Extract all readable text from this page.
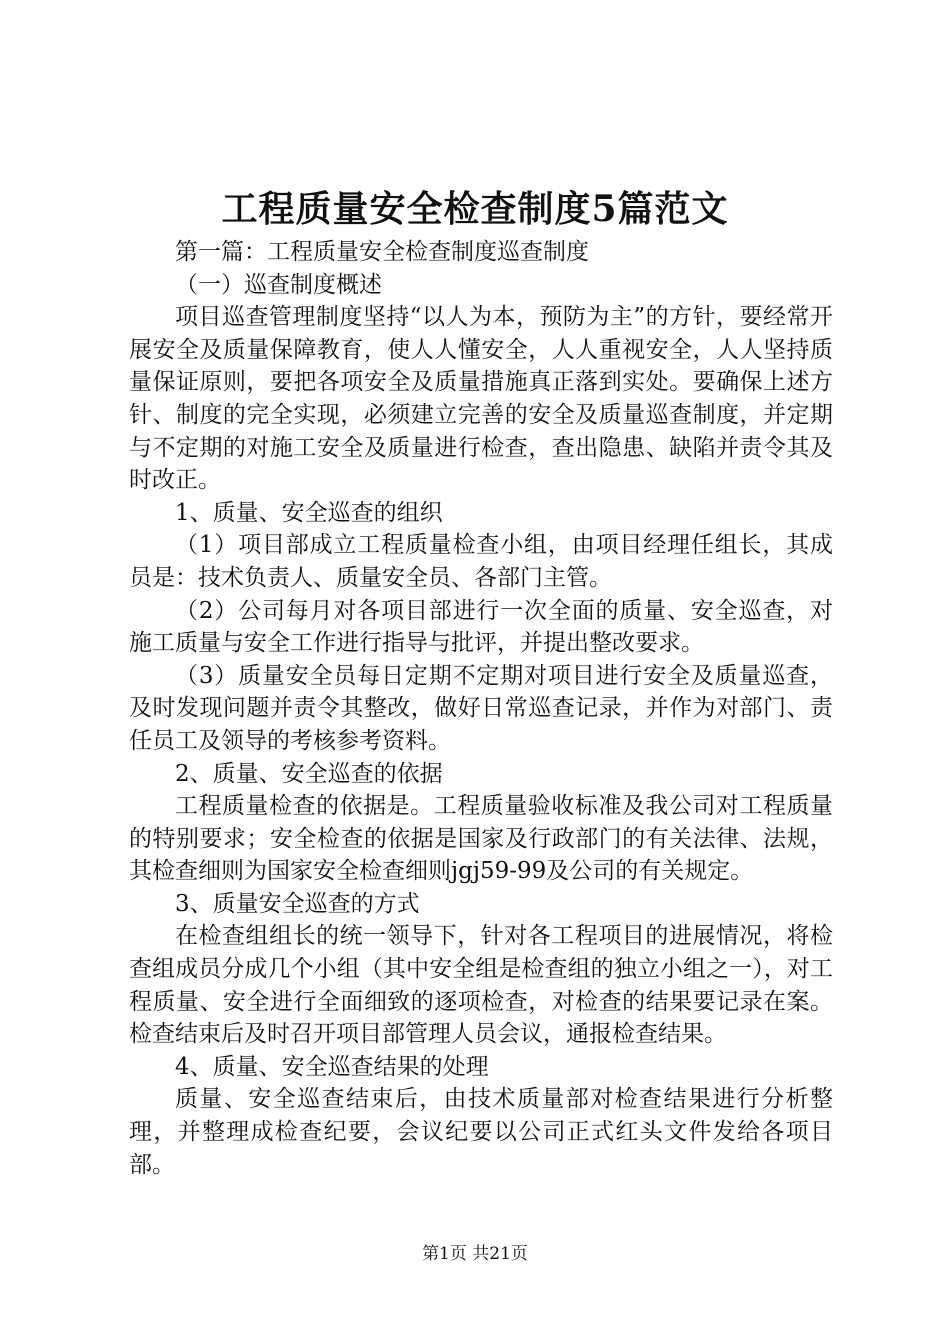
工程质量安全检查制度5篇范文

第一篇：工程质量安全检查制度巡查制度

（一）巡查制度概述

项目巡查管理制度坚持“以人为本，预防为主”的方针，要经常开展安全及质量保障教育，使人人懂安全，人人重视安全，人人坚持质量保证原则，要把各项安全及质量措施真正落到实处。要确保上述方针、制度的完全实现，必须建立完善的安全及质量巡查制度，并定期与不定期的对施工安全及质量进行检查，查出隐患、缺陷并责令其及时改正。

1、质量、安全巡查的组织

（1）项目部成立工程质量检查小组，由项目经理任组长，其成员是：技术负责人、质量安全员、各部门主管。

（2）公司每月对各项目部进行一次全面的质量、安全巡查，对施工质量与安全工作进行指导与批评，并提出整改要求。

（3）质量安全员每日定期不定期对项目进行安全及质量巡查，及时发现问题并责令其整改，做好日常巡查记录，并作为对部门、责任员工及领导的考核参考资料。

2、质量、安全巡查的依据

工程质量检查的依据是。工程质量验收标准及我公司对工程质量的特别要求；安全检查的依据是国家及行政部门的有关法律、法规，其检查细则为国家安全检查细则jgj59-99及公司的有关规定。

3、质量安全巡查的方式

在检查组组长的统一领导下，针对各工程项目的进展情况，将检查组成员分成几个小组（其中安全组是检查组的独立小组之一），对工程质量、安全进行全面细致的逐项检查，对检查的结果要记录在案。检查结束后及时召开项目部管理人员会议，通报检查结果。

4、质量、安全巡查结果的处理

质量、安全巡查结束后，由技术质量部对检查结果进行分析整理，并整理成检查纪要，会议纪要以公司正式红头文件发给各项目部。

第1页 共21页
